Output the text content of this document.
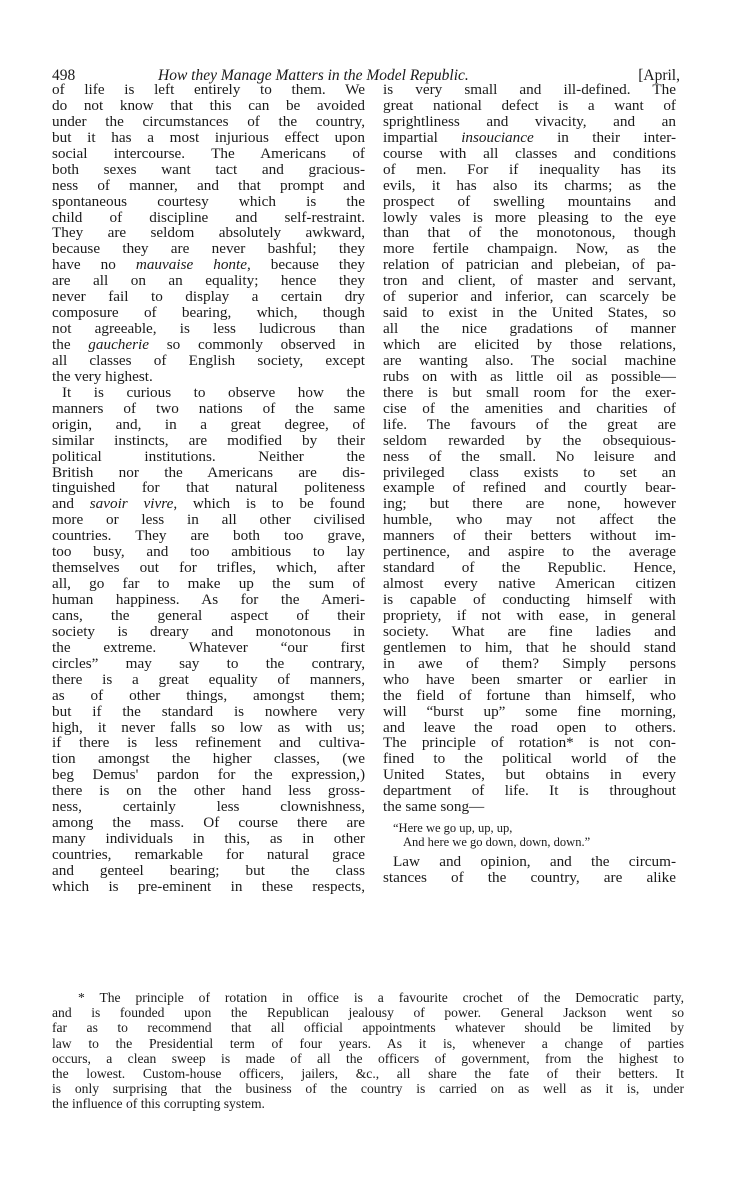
498	How they Manage Matters in the Model Republic.	[April,
of life is left entirely to them. We
do not know that this can be avoided
under the circumstances of the country,
but it has a most injurious effect upon
social intercourse. The Americans of
both sexes want tact and gracious-
ness of manner, and that prompt and
spontaneous courtesy which is the
child of discipline and self-restraint.
They are seldom absolutely awkward,
because they are never bashful; they
have no mauvaise honte, because they
are all on an equality; hence they
never fail to display a certain dry
composure of bearing, which, though
not agreeable, is less ludicrous than
the gaucherie so commonly observed in
all classes of English society, except
the very highest.
It is curious to observe how the
manners of two nations of the same
origin, and, in a great degree, of
similar instincts, are modified by their
political institutions. Neither the
British nor the Americans are dis-
tinguished for that natural politeness
and savoir vivre, which is to be found
more or less in all other civilised
countries. They are both too grave,
too busy, and too ambitious to lay
themselves out for trifles, which, after
all, go far to make up the sum of
human happiness. As for the Ameri-
cans, the general aspect of their
society is dreary and monotonous in
the extreme. Whatever “our first
circles” may say to the contrary,
there is a great equality of manners,
as of other things, amongst them;
but if the standard is nowhere very
high, it never falls so low as with us;
if there is less refinement and cultiva-
tion amongst the higher classes, (we
beg Demus' pardon for the expression,)
there is on the other hand less gross-
ness, certainly less clownishness,
among the mass. Of course there are
many individuals in this, as in other
countries, remarkable for natural grace
and genteel bearing; but the class
which is pre-eminent in these respects,
is very small and ill-defined. The
great national defect is a want of
sprightliness and vivacity, and an
impartial insouciance in their inter-
course with all classes and conditions
of men. For if inequality has its
evils, it has also its charms; as the
prospect of swelling mountains and
lowly vales is more pleasing to the eye
than that of the monotonous, though
more fertile champaign. Now, as the
relation of patrician and plebeian, of pa-
tron and client, of master and servant,
of superior and inferior, can scarcely be
said to exist in the United States, so
all the nice gradations of manner
which are elicited by those relations,
are wanting also. The social machine
rubs on with as little oil as possible—
there is but small room for the exer-
cise of the amenities and charities of
life. The favours of the great are
seldom rewarded by the obsequious-
ness of the small. No leisure and
privileged class exists to set an
example of refined and courtly bear-
ing; but there are none, however
humble, who may not affect the
manners of their betters without im-
pertinence, and aspire to the average
standard of the Republic. Hence,
almost every native American citizen
is capable of conducting himself with
propriety, if not with ease, in general
society. What are fine ladies and
gentlemen to him, that he should stand
in awe of them? Simply persons
who have been smarter or earlier in
the field of fortune than himself, who
will “burst up” some fine morning,
and leave the road open to others.
The principle of rotation* is not con-
fined to the political world of the
United States, but obtains in every
department of life. It is throughout
the same song—
“Here we go up, up, up,
And here we go down, down, down.”
Law and opinion, and the circum-
stances of the country, are alike
* The principle of rotation in office is a favourite crochet of the Democratic party,
and is founded upon the Republican jealousy of power. General Jackson went so
far as to recommend that all official appointments whatever should be limited by
law to the Presidential term of four years. As it is, whenever a change of parties
occurs, a clean sweep is made of all the officers of government, from the highest to
the lowest. Custom-house officers, jailers, &c., all share the fate of their betters. It
is only surprising that the business of the country is carried on as well as it is, under
the influence of this corrupting system.
